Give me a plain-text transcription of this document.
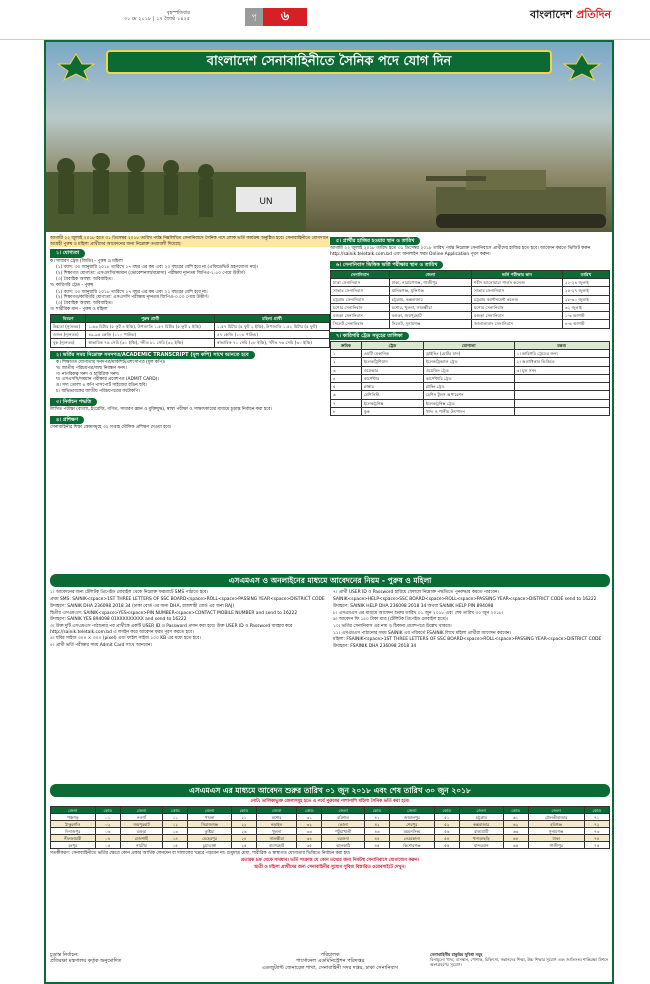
বৃহস্পতিবার
৩১ মে ২০১৮ | ১৭ জ্যৈষ্ঠ ১৪২৫	পৃ	৬	বাংলাদেশ প্রতিদিন
UN
বাংলাদেশ সেনাবাহিনীতে সৈনিক পদে যোগ দিন
আগামী ২২ জুলাই ২০১৮ হতে ৩১ ডিসেম্বর ২০১৮ তারিখ পর্যন্ত নিম্নলিখিত সেনানিবাসে সৈনিক পদে লোক ভর্তি কার্যক্রম অনুষ্ঠিত হবে। সেনাবাহিনীতে যোগদানে আগ্রহী পুরুষ ও মহিলা প্রার্থীদের আবেদনের জন্য নিম্নোক্ত তথ্যাবলী দিয়েছে:
১। যোগ্যতা
ক। সাধারণ ট্রেড (জিডি) - পুরুষ ও মহিলা
(১) বয়স: ৩০ জানুয়ারি ২০১৮ তারিখে ১৭ বছর এর কম এবং ২০ বছরের বেশি হবে না (এফিডেভিট গ্রহণযোগ্য নয়)।
(২) শিক্ষাগত যোগ্যতা: এসএসসি/সমমান (ভোকেশনাল/মাদ্রাসা) পরীক্ষায় ন্যূনতম জিপিএ-২.৫০ পেয়ে উত্তীর্ণ।
(৩) বৈবাহিক অবস্থা: অবিবাহিত।
খ। কারিগরি ট্রেড - পুরুষ
(১) বয়স: ৩০ জানুয়ারি ২০১৮ তারিখে ১৭ বছর এর কম এবং ২২ বছরের বেশি হবে না।
(২) শিক্ষাগত/কারিগরি যোগ্যতা: এসএসসি পরীক্ষায় ন্যূনতম জিপিএ-৩.০০ পেয়ে উত্তীর্ণ।
(৩) বৈবাহিক অবস্থা: অবিবাহিত।
গ। শারীরিক মান - পুরুষ ও মহিলা
বিবরণ	পুরুষ প্রার্থী	মহিলা প্রার্থী
উচ্চতা (ন্যূনতম)	১.৬৩ মিটার (৫ ফুট ৪ ইঞ্চি), উপজাতি ১.৫৭ মিটার (৫ ফুট ২ ইঞ্চি)	১.৫৭ মিটার (৫ ফুট ২ ইঞ্চি), উপজাতি ১.৫২ মিটার (৫ ফুট)
ওজন (ন্যূনতম)	৪৯.৯৫ কেজি (১১০ পাউন্ড)	৪৭ কেজি (১০৪ পাউন্ড)
বুক (ন্যূনতম)	স্বাভাবিক ৭৬ সেমি (৩০ ইঞ্চি), স্ফীত ৮১ সেমি (৩২ ইঞ্চি)	স্বাভাবিক ৭১ সেমি (২৮ ইঞ্চি), স্ফীত ৭৬ সেমি (৩০ ইঞ্চি)
২। ভর্তির সময় নিম্নোক্ত সনদপত্র/ACADEMIC TRANSCRIPT (মূল কপি) সাথে আনতে হবে
ক। শিক্ষাগত যোগ্যতার সনদপত্র/মার্কশিট/প্রশংসাপত্র (মূল কপি)।
খ। জাতীয় পরিচয়পত্র/জন্ম নিবন্ধন সনদ।
গ। নাগরিকত্ব সনদ ও চারিত্রিক সনদ।
ঘ। এসএসসি/সমমান পরীক্ষার প্রবেশপত্র (ADMIT CARD)।
ঙ। সদ্য তোলা ৪ কপি পাসপোর্ট সাইজের রঙিন ছবি।
চ। অভিভাবকের জাতীয় পরিচয়পত্রের ফটোকপি।
৩। নির্বাচন পদ্ধতি
লিখিত পরীক্ষা (বাংলা, ইংরেজি, গণিত, সাধারণ জ্ঞান ও মুক্তিযুদ্ধ), স্বাস্থ্য পরীক্ষা ও সাক্ষাৎকারের মাধ্যমে চূড়ান্ত নির্বাচন করা হবে।
৪। প্রশিক্ষণ
সেনাবাহিনীর শিক্ষা কেন্দ্রসমূহে ৩২ সপ্তাহ মৌলিক প্রশিক্ষণ দেওয়া হবে।
৫। প্রার্থীর হাজির হওয়ার স্থান ও তারিখ
আগামী ২২ জুলাই ২০১৮ তারিখ হতে ৩১ ডিসেম্বর ২০১৮ তারিখ পর্যন্ত নিম্নোক্ত সেনানিবাসে প্রার্থীদের হাজির হতে হবে। আবেদন করতে ভিজিট করুন http://sainik.teletalk.com.bd এবং অনলাইন ফরম Online Application পূরণ করুন।
৬। সেনানিবাস ভিত্তিক ভর্তি পরীক্ষার স্থান ও তারিখ
সেনানিবাস	জেলা	ভর্তি পরীক্ষার স্থান	তারিখ
ঢাকা সেনানিবাস	ঢাকা, নারায়ণগঞ্জ, গাজীপুর	শহীদ আনোয়ারা গার্লস কলেজ	২২-২৪ জুলাই
সাভার সেনানিবাস	মানিকগঞ্জ, মুন্সিগঞ্জ	সাভার সেনানিবাস	২৫-২৭ জুলাই
চট্টগ্রাম সেনানিবাস	চট্টগ্রাম, কক্সবাজার	চট্টগ্রাম ক্যান্টনমেন্ট কলেজ	২৮-৩০ জুলাই
যশোর সেনানিবাস	যশোর, খুলনা, সাতক্ষীরা	যশোর সেনানিবাস	৩১ জুলাই
বগুড়া সেনানিবাস	বগুড়া, জয়পুরহাট	বগুড়া সেনানিবাস	১-৩ আগস্ট
সিলেট সেনানিবাস	সিলেট, সুনামগঞ্জ	জালালাবাদ সেনানিবাস	৪-৬ আগস্ট
৭। কারিগরি ট্রেড সমূহের তালিকা
ক্রমিক	ট্রেড	যোগ্যতা	মন্তব্য
১	এমটি মেকানিক	ড্রাইভিং (মোটর যান)	১। কারিগরি ট্রেডের জন্য
২	ইলেকট্রিশিয়ান	ইলেকট্রিক্যাল ট্রেড	২। অগ্রাধিকার ভিত্তিতে
৩	ওয়েল্ডার	ওয়েল্ডিং ট্রেড	৩। মূল সনদ
৪	কার্পেন্টার	কার্পেন্টারি ট্রেড	
৫	প্লাম্বার	প্লাম্বিং ট্রেড	
৬	মেশিনিস্ট	মেশিন টুলস অপারেশন	
৭	ইলেকট্রনিক্স	ইলেকট্রনিক্স ট্রেড	
৮	কুক	খাদ্য ও পানীয় উৎপাদন	
এসএমএস ও অনলাইনের মাধ্যমে আবেদনের নিয়ম - পুরুষ ও মহিলা
১। আবেদনের জন্য টেলিটক প্রিপেইড মোবাইল থেকে নিম্নোক্ত ফরম্যাটে SMS পাঠাতে হবে।
প্রথম SMS: SAINIK<space>1ST THREE LETTERS OF SSC BOARD<space>ROLL<space>PASSING YEAR<space>DISTRICT CODE
উদাহরণ: SAINIK DHA 236098 2018 34 (ঢাকা বোর্ড এর জন্য DHA, রাজশাহী বোর্ড এর জন্য RAJ)
দ্বিতীয় এসএমএস: SAINIK<space>YES<space>PIN NUMBER<space>CONTACT MOBILE NUMBER and send to 16222
উদাহরণ: SAINIK YES 894098 01XXXXXXXXX and send to 16222
৩। উক্ত দুটি এসএমএস পাঠানোর পর প্রার্থীকে একটি USER ID ও Password প্রদান করা হবে। উক্ত USER ID ও Password ব্যবহার করে http://sainik.teletalk.com.bd এ লগইন করে আবেদন ফরম পূরণ করতে হবে।
৪। ছবির সাইজ ৩০০ × ৩০০ (pixel) এবং ফাইল সাইজ ১০০ KB এর মধ্যে হতে হবে।
৫। প্রার্থী ভর্তি পরীক্ষার সময় Admit Card সাথে আনবেন।
৭। প্রার্থী USER ID ও Password হারিয়ে ফেললে নিম্নোক্ত পদ্ধতিতে পুনরুদ্ধার করতে পারবেন।
SAINIK<space>HELP<space>SSC BOARD<space>ROLL<space>PASSING YEAR<space>DISTRICT CODE send to 16222
উদাহরণ: SAINIK HELP DHA 236098 2018 34 অথবা SAINIK HELP PIN 894098
৮। এসএমএস এর মাধ্যমে আবেদন শুরুর তারিখ ০১ জুন ২০১৮ এবং শেষ তারিখ ৩০ জুন ২০১৮।
৯। আবেদন ফি ১৫০ টাকা মাত্র (টেলিটক প্রিপেইড মোবাইল হতে)।
১০। ভর্তির সেনানিবাস এর নাম ও ঠিকানা প্রবেশপত্রে উল্লেখ থাকবে।
১১। এসএমএস পাঠানোর সময় SAINIK এর পরিবর্তে FSAINIK লিখে মহিলা প্রার্থীরা আবেদন করবেন।
মহিলা: FSAINIK<space>1ST THREE LETTERS OF SSC BOARD<space>ROLL<space>PASSING YEAR<space>DISTRICT CODE
উদাহরণ: FSAINIK DHA 236098 2018 34
এসএমএস এর মাধ্যমে আবেদন শুরুর তারিখ ০১ জুন ২০১৮ এবং শেষ তারিখ ৩০ জুন ২০১৮
নোট: তালিকাভুক্ত জেলাসমূহ হতে এ পর্বে পুরুষের পাশাপাশি মহিলা সৈনিক ভর্তি করা হবে।
জেলা	কোড	জেলা	কোড	জেলা	কোড	জেলা	কোড	জেলা	কোড	জেলা	কোড	জেলা	কোড	জেলা	কোড
পঞ্চগড়	০১	নওগাঁ	১১	পাবনা	২১	যশোর	৩১	বরিশাল	৪১	জামালপুর	৫১	চট্টগ্রাম	৬১	মৌলভীবাজার	৭১
ঠাকুরগাঁও	০২	জয়পুরহাট	১২	সিরাজগঞ্জ	২২	নড়াইল	৩২	ভোলা	৪২	শেরপুর	৫২	কক্সবাজার	৬২	হবিগঞ্জ	৭২
দিনাজপুর	০৩	বগুড়া	১৩	কুষ্টিয়া	২৩	খুলনা	৩৩	পটুয়াখালী	৪৩	ময়মনসিংহ	৫৩	রাঙামাটি	৬৩	সুনামগঞ্জ	৭৩
নীলফামারী	০৪	রাজশাহী	১৪	মেহেরপুর	২৪	সাতক্ষীরা	৩৪	বরগুনা	৪৪	নেত্রকোনা	৫৪	খাগড়াছড়ি	৬৪	ঢাকা	৭৪
রংপুর	০৫	নাটোর	১৫	চুয়াডাঙ্গা	২৫	বাগেরহাট	৩৫	ঝালকাঠি	৪৫	কিশোরগঞ্জ	৫৫	বান্দরবান	৬৫	গাজীপুর	৭৫
সতর্কীকরণ: সেনাবাহিনীতে ভর্তির ক্ষেত্রে কোন প্রকার আর্থিক লেনদেন বা দালালের খপ্পরে পড়বেন না। শুধুমাত্র মেধা, শারীরিক ও স্বাস্থ্যগত যোগ্যতার ভিত্তিতে নির্বাচন করা হয়।
প্রতারক চক্র থেকে সাবধান। ভর্তি সংক্রান্ত যে কোন তথ্যের জন্য নিকটস্থ সেনানিবাসে যোগাযোগ করুন।
ছাত্রী ও মহিলা প্রার্থীদের জন্য সেনাবাহিনীর সুযোগ সুবিধা বিস্তারিত ওয়েবসাইটে দেখুন।
চূড়ান্ত নির্বাচন:
প্রতিরক্ষা মন্ত্রণালয় কর্তৃক অনুমোদিত
পরিচালক
পার্সোনেল এডমিনিস্ট্রেশন পরিদপ্তর
এডজুট্যান্ট জেনারেল শাখা, সেনাবাহিনী সদর দপ্তর, ঢাকা সেনানিবাস
সেনাবাহিনীর চাকুরির সুবিধা সমূহ
বিনামূল্যে খাদ্য, বাসস্থান, পোশাক, চিকিৎসা, সন্তানদের শিক্ষা, উচ্চ শিক্ষার সুযোগ এবং জাতিসংঘ শান্তিরক্ষা মিশনে অংশগ্রহণের সুযোগ।
